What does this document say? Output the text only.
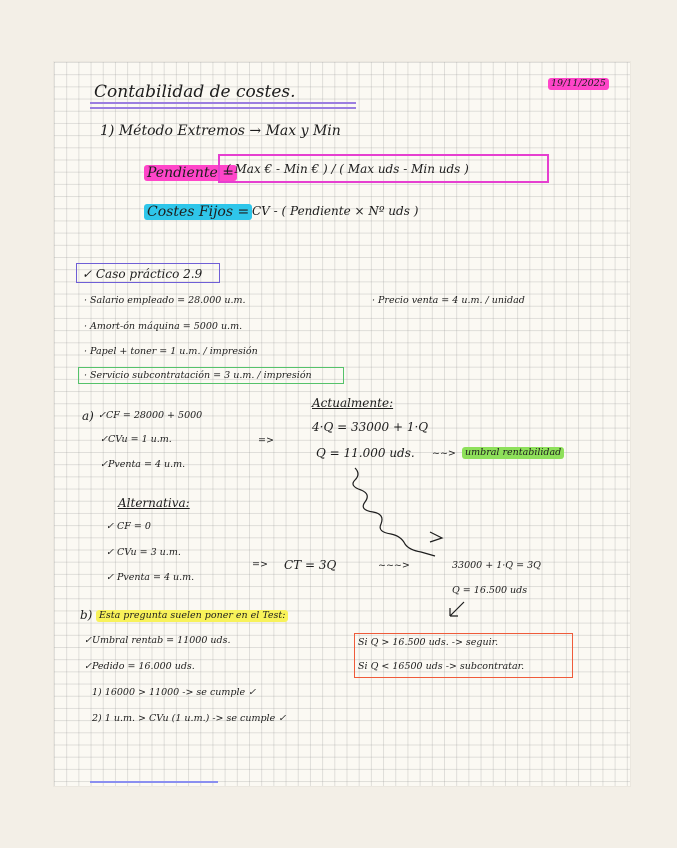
19/11/2025
Contabilidad de costes.
1) Método Extremos → Max y Min
Pendiente =
( Max € - Min € ) / ( Max uds - Min uds )
Costes Fijos = CV - ( Pendiente × Nº uds )
✓ Caso práctico 2.9
· Salario empleado = 28.000 u.m.	· Precio venta = 4 u.m. / unidad
· Amort-ón máquina = 5000 u.m.
· Papel + toner = 1 u.m. / impresión
· Servicio subcontratación = 3 u.m. / impresión
a) ✓CF = 28000 + 5000
✓CVu = 1 u.m.
✓Pventa = 4 u.m.
=>
Actualmente:
4·Q = 33000 + 1·Q
Q = 11.000 uds. ~~> umbral rentabilidad
Alternativa:
✓ CF = 0
✓ CVu = 3 u.m.
✓ Pventa = 4 u.m.
=> CT = 3Q	~~~>	33000 + 1·Q = 3Q
Q = 16.500 uds
b) Esta pregunta suelen poner en el Test:
✓Umbral rentab = 11000 uds.
✓Pedido = 16.000 uds.
1) 16000 > 11000 -> se cumple ✓
2) 1 u.m. > CVu (1 u.m.) -> se cumple ✓
Si Q > 16.500 uds. -> seguir.
Si Q < 16500 uds -> subcontratar.
